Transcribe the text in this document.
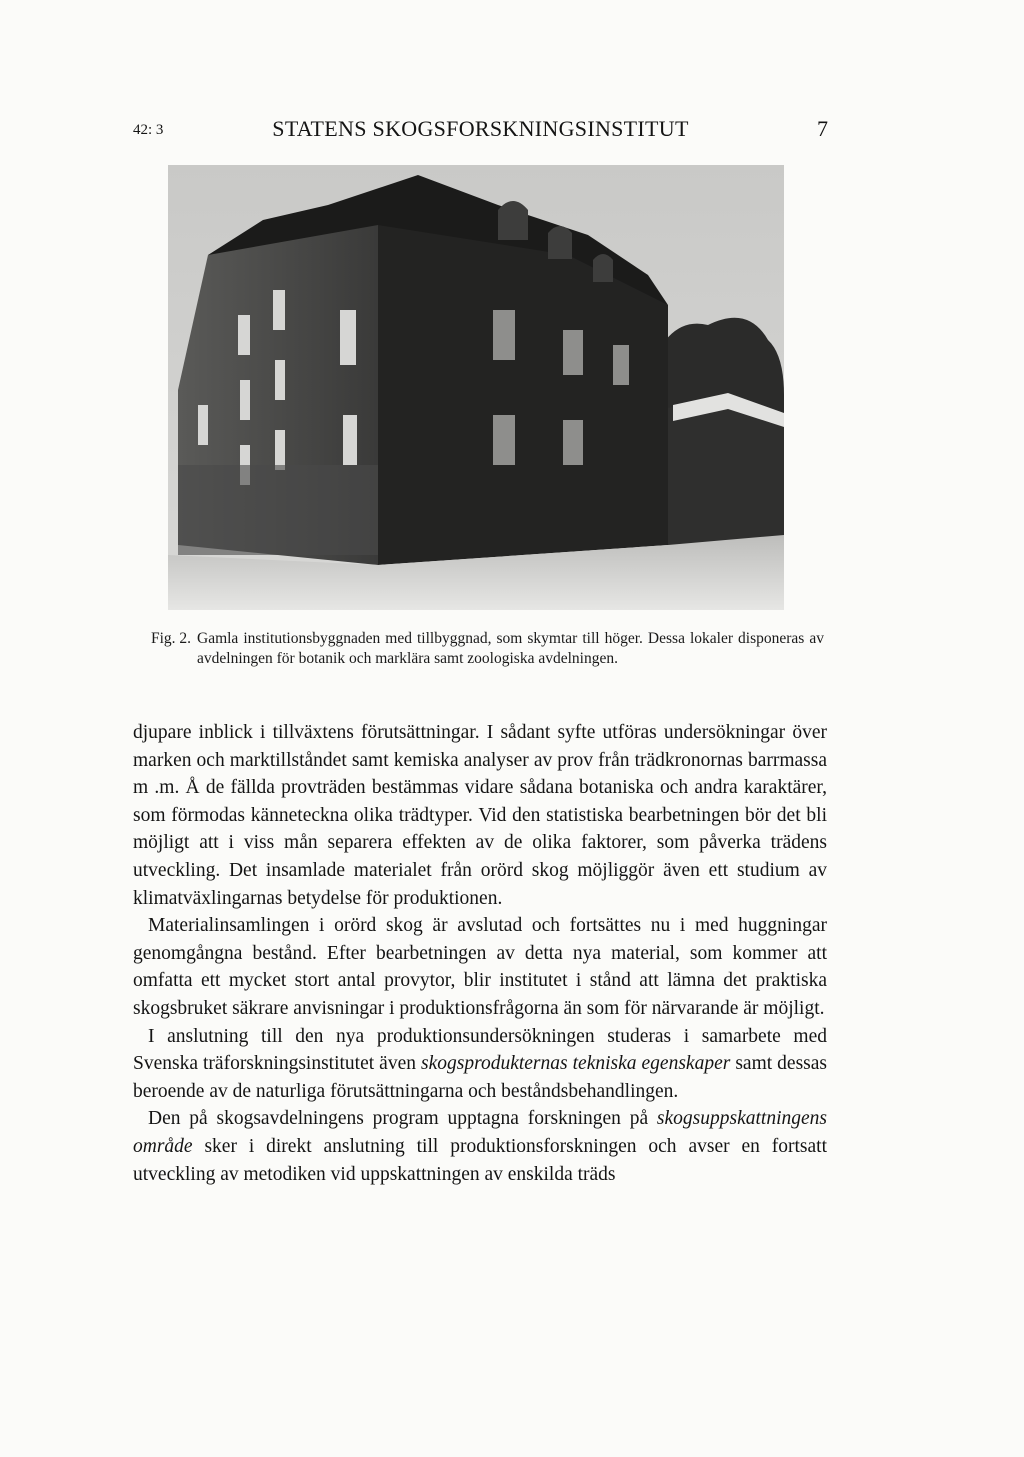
42: 3	STATENS SKOGSFORSKNINGSINSTITUT	7
Fig. 2. Gamla institutionsbyggnaden med tillbyggnad, som skymtar till höger. Dessa lokaler disponeras av avdelningen för botanik och marklära samt zoologiska avdelningen.

djupare inblick i tillväxtens förutsättningar. I sådant syfte utföras undersökningar över marken och marktillståndet samt kemiska analyser av prov från trädkronornas barrmassa m .m. Å de fällda provträden bestämmas vidare sådana botaniska och andra karaktärer, som förmodas känneteckna olika trädtyper. Vid den statistiska bearbetningen bör det bli möjligt att i viss mån separera effekten av de olika faktorer, som påverka trädens utveckling. Det insamlade materialet från orörd skog möjliggör även ett studium av klimatväxlingarnas betydelse för produktionen.

Materialinsamlingen i orörd skog är avslutad och fortsättes nu i med huggningar genomgångna bestånd. Efter bearbetningen av detta nya material, som kommer att omfatta ett mycket stort antal provytor, blir institutet i stånd att lämna det praktiska skogsbruket säkrare anvisningar i produktionsfrågorna än som för närvarande är möjligt.

I anslutning till den nya produktionsundersökningen studeras i samarbete med Svenska träforskningsinstitutet även skogsprodukternas tekniska egenskaper samt dessas beroende av de naturliga förutsättningarna och beståndsbehandlingen.

Den på skogsavdelningens program upptagna forskningen på skogsuppskattningens område sker i direkt anslutning till produktionsforskningen och avser en fortsatt utveckling av metodiken vid uppskattningen av enskilda träds
